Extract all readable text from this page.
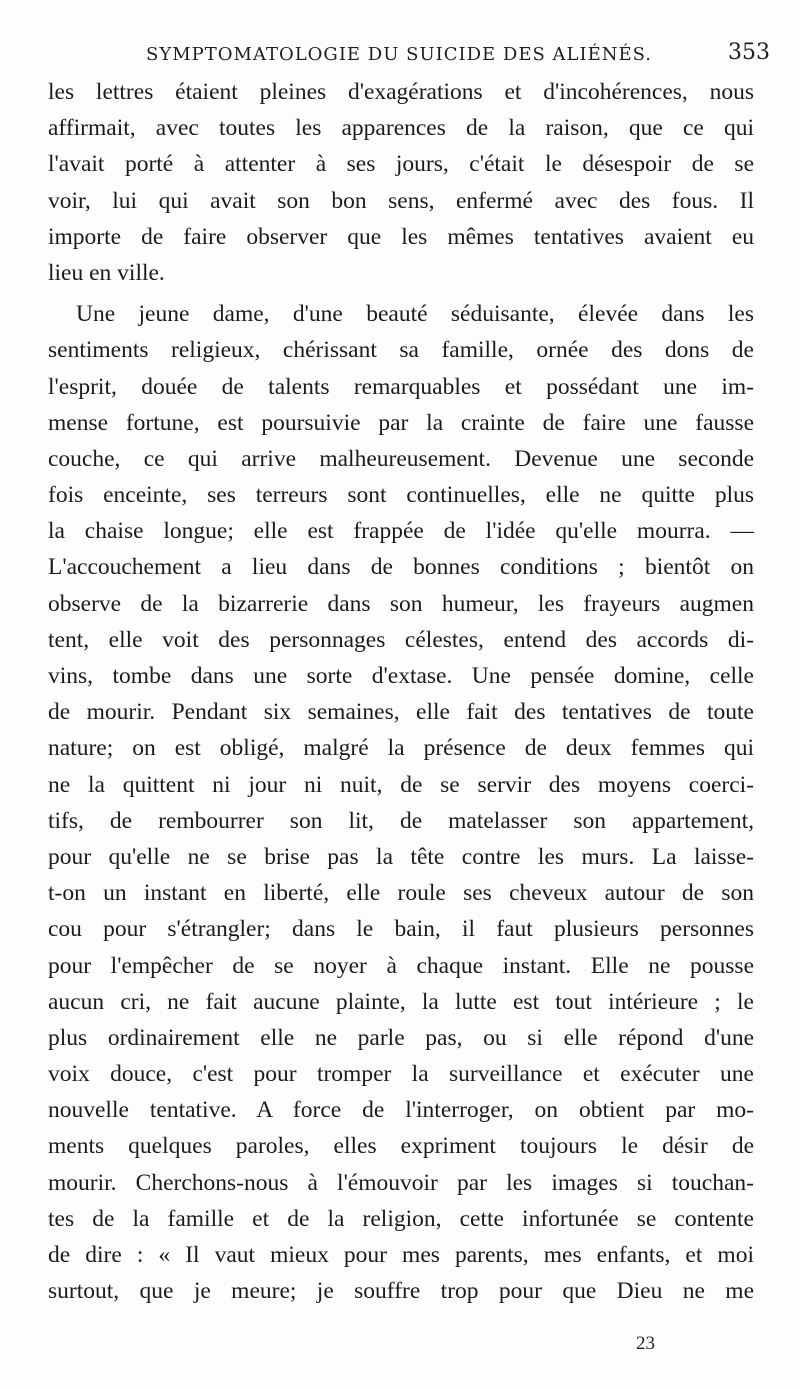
SYMPTOMATOLOGIE DU SUICIDE DES ALIÉNÉS.	353
les lettres étaient pleines d'exagérations et d'incohérences, nous
affirmait, avec toutes les apparences de la raison, que ce qui
l'avait porté à attenter à ses jours, c'était le désespoir de se
voir, lui qui avait son bon sens, enfermé avec des fous. Il
importe de faire observer que les mêmes tentatives avaient eu
lieu en ville.
Une jeune dame, d'une beauté séduisante, élevée dans les
sentiments religieux, chérissant sa famille, ornée des dons de
l'esprit, douée de talents remarquables et possédant une im-
mense fortune, est poursuivie par la crainte de faire une fausse
couche, ce qui arrive malheureusement. Devenue une seconde
fois enceinte, ses terreurs sont continuelles, elle ne quitte plus
la chaise longue; elle est frappée de l'idée qu'elle mourra. —
L'accouchement a lieu dans de bonnes conditions ; bientôt on
observe de la bizarrerie dans son humeur, les frayeurs augmen
tent, elle voit des personnages célestes, entend des accords di-
vins, tombe dans une sorte d'extase. Une pensée domine, celle
de mourir. Pendant six semaines, elle fait des tentatives de toute
nature; on est obligé, malgré la présence de deux femmes qui
ne la quittent ni jour ni nuit, de se servir des moyens coerci-
tifs, de rembourrer son lit, de matelasser son appartement,
pour qu'elle ne se brise pas la tête contre les murs. La laisse-
t-on un instant en liberté, elle roule ses cheveux autour de son
cou pour s'étrangler; dans le bain, il faut plusieurs personnes
pour l'empêcher de se noyer à chaque instant. Elle ne pousse
aucun cri, ne fait aucune plainte, la lutte est tout intérieure ; le
plus ordinairement elle ne parle pas, ou si elle répond d'une
voix douce, c'est pour tromper la surveillance et exécuter une
nouvelle tentative. A force de l'interroger, on obtient par mo-
ments quelques paroles, elles expriment toujours le désir de
mourir. Cherchons-nous à l'émouvoir par les images si touchan-
tes de la famille et de la religion, cette infortunée se contente
de dire : « Il vaut mieux pour mes parents, mes enfants, et moi
surtout, que je meure; je souffre trop pour que Dieu ne me
23
